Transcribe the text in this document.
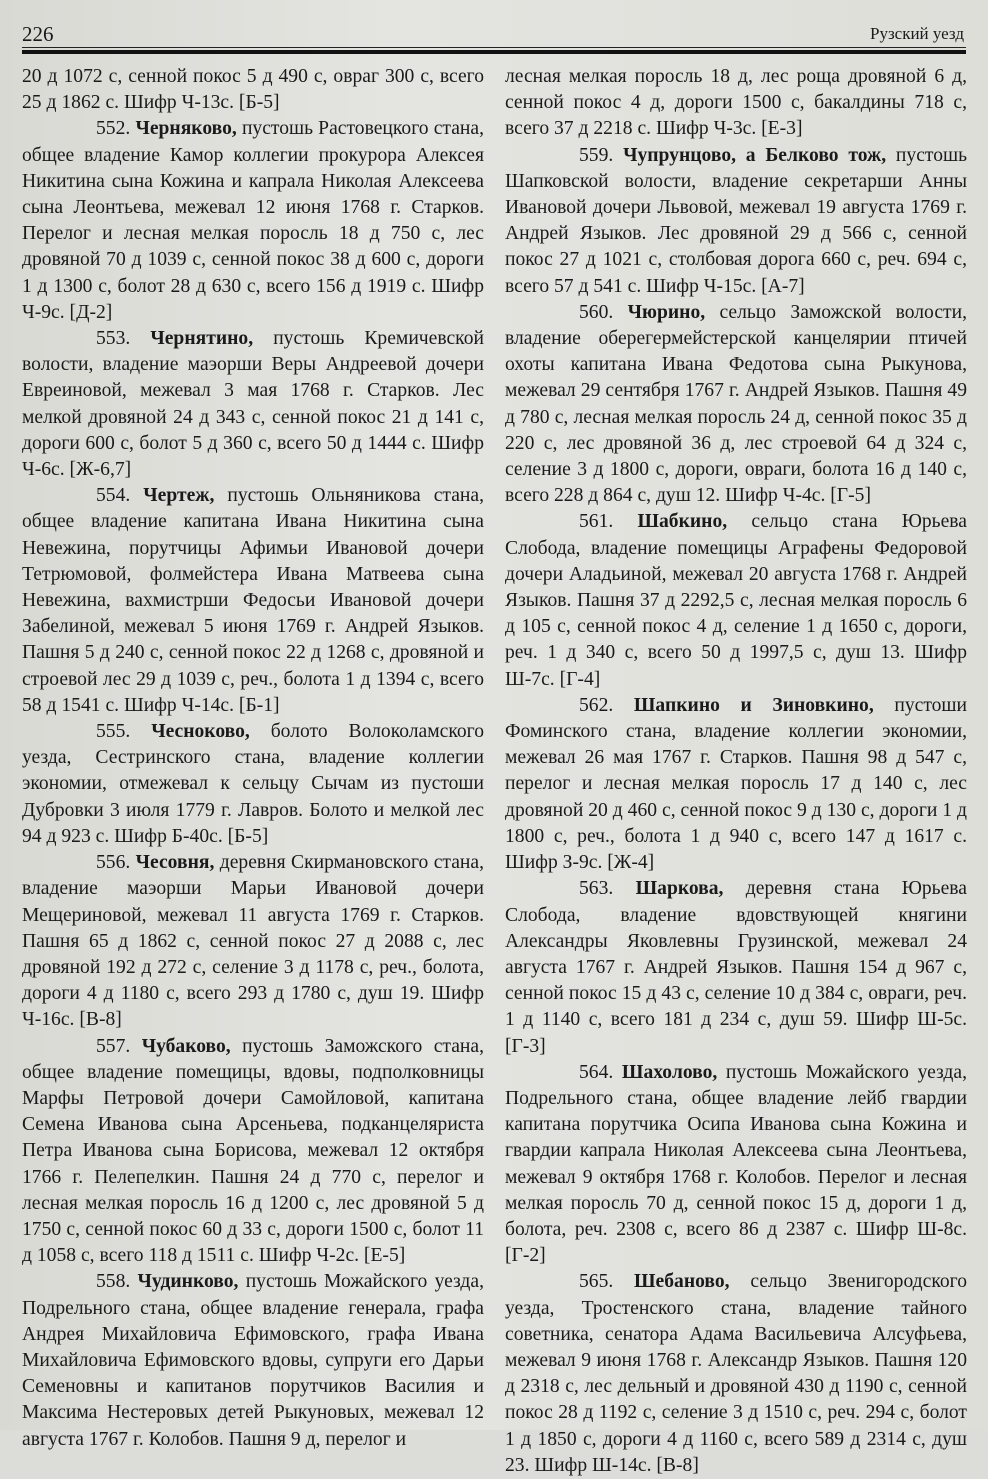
226	Рузский уезд

20 д 1072 с, сенной покос 5 д 490 с, овраг 300 с, всего 25 д 1862 с. Шифр Ч-13с. [Б-5]

552. Черняково, пустошь Растовецкого стана, общее владение Камор коллегии прокурора Алексея Никитина сына Кожина и капрала Николая Алексеева сына Леонтьева, межевал 12 июня 1768 г. Старков. Перелог и лесная мелкая поросль 18 д 750 с, лес дровяной 70 д 1039 с, сенной покос 38 д 600 с, дороги 1 д 1300 с, болот 28 д 630 с, всего 156 д 1919 с. Шифр Ч-9с. [Д-2]

553. Чернятино, пустошь Кремичевской волости, владение маэорши Веры Андреевой дочери Евреиновой, межевал 3 мая 1768 г. Старков. Лес мелкой дровяной 24 д 343 с, сенной покос 21 д 141 с, дороги 600 с, болот 5 д 360 с, всего 50 д 1444 с. Шифр Ч-6с. [Ж-6,7]

554. Чертеж, пустошь Ольняникова стана, общее владение капитана Ивана Никитина сына Невежина, порутчицы Афимьи Ивановой дочери Тетрюмовой, фолмейстера Ивана Матвеева сына Невежина, вахмистрши Федосьи Ивановой дочери Забелиной, межевал 5 июня 1769 г. Андрей Языков. Пашня 5 д 240 с, сенной покос 22 д 1268 с, дровяной и строевой лес 29 д 1039 с, реч., болота 1 д 1394 с, всего 58 д 1541 с. Шифр Ч-14с. [Б-1]

555. Чесноково, болото Волоколамского уезда, Сестринского стана, владение коллегии экономии, отмежевал к сельцу Сычам из пустоши Дубровки 3 июля 1779 г. Лавров. Болото и мелкой лес 94 д 923 с. Шифр Б-40с. [Б-5]

556. Чесовня, деревня Скирмановского стана, владение маэорши Марьи Ивановой дочери Мещериновой, межевал 11 августа 1769 г. Старков. Пашня 65 д 1862 с, сенной покос 27 д 2088 с, лес дровяной 192 д 272 с, селение 3 д 1178 с, реч., болота, дороги 4 д 1180 с, всего 293 д 1780 с, душ 19. Шифр Ч-16с. [В-8]

557. Чубаково, пустошь Заможского стана, общее владение помещицы, вдовы, подполковницы Марфы Петровой дочери Самойловой, капитана Семена Иванова сына Арсеньева, подканцеляриста Петра Иванова сына Борисова, межевал 12 октября 1766 г. Пелепелкин. Пашня 24 д 770 с, перелог и лесная мелкая поросль 16 д 1200 с, лес дровяной 5 д 1750 с, сенной покос 60 д 33 с, дороги 1500 с, болот 11 д 1058 с, всего 118 д 1511 с. Шифр Ч-2с. [Е-5]

558. Чудинково, пустошь Можайского уезда, Подрельного стана, общее владение генерала, графа Андрея Михайловича Ефимовского, графа Ивана Михайловича Ефимовского вдовы, супруги его Дарьи Семеновны и капитанов порутчиков Василия и Максима Нестеровых детей Рыкуновых, межевал 12 августа 1767 г. Колобов. Пашня 9 д, перелог и

лесная мелкая поросль 18 д, лес роща дровяной 6 д, сенной покос 4 д, дороги 1500 с, бакалдины 718 с, всего 37 д 2218 с. Шифр Ч-3с. [Е-3]

559. Чупрунцово, а Белково тож, пустошь Шапковской волости, владение секретарши Анны Ивановой дочери Львовой, межевал 19 августа 1769 г. Андрей Языков. Лес дровяной 29 д 566 с, сенной покос 27 д 1021 с, столбовая дорога 660 с, реч. 694 с, всего 57 д 541 с. Шифр Ч-15с. [А-7]

560. Чюрино, сельцо Заможской волости, владение оберегермейстерской канцелярии птичей охоты капитана Ивана Федотова сына Рыкунова, межевал 29 сентября 1767 г. Андрей Языков. Пашня 49 д 780 с, лесная мелкая поросль 24 д, сенной покос 35 д 220 с, лес дровяной 36 д, лес строевой 64 д 324 с, селение 3 д 1800 с, дороги, овраги, болота 16 д 140 с, всего 228 д 864 с, душ 12. Шифр Ч-4с. [Г-5]

561. Шабкино, сельцо стана Юрьева Слобода, владение помещицы Аграфены Федоровой дочери Аладьиной, межевал 20 августа 1768 г. Андрей Языков. Пашня 37 д 2292,5 с, лесная мелкая поросль 6 д 105 с, сенной покос 4 д, селение 1 д 1650 с, дороги, реч. 1 д 340 с, всего 50 д 1997,5 с, душ 13. Шифр Ш-7с. [Г-4]

562. Шапкино и Зиновкино, пустоши Фоминского стана, владение коллегии экономии, межевал 26 мая 1767 г. Старков. Пашня 98 д 547 с, перелог и лесная мелкая поросль 17 д 140 с, лес дровяной 20 д 460 с, сенной покос 9 д 130 с, дороги 1 д 1800 с, реч., болота 1 д 940 с, всего 147 д 1617 с. Шифр З-9с. [Ж-4]

563. Шаркова, деревня стана Юрьева Слобода, владение вдовствующей княгини Александры Яковлевны Грузинской, межевал 24 августа 1767 г. Андрей Языков. Пашня 154 д 967 с, сенной покос 15 д 43 с, селение 10 д 384 с, овраги, реч. 1 д 1140 с, всего 181 д 234 с, душ 59. Шифр Ш-5с. [Г-3]

564. Шахолово, пустошь Можайского уезда, Подрельного стана, общее владение лейб гвардии капитана порутчика Осипа Иванова сына Кожина и гвардии капрала Николая Алексеева сына Леонтьева, межевал 9 октября 1768 г. Колобов. Перелог и лесная мелкая поросль 70 д, сенной покос 15 д, дороги 1 д, болота, реч. 2308 с, всего 86 д 2387 с. Шифр Ш-8с. [Г-2]

565. Шебаново, сельцо Звенигородского уезда, Тростенского стана, владение тайного советника, сенатора Адама Васильевича Алсуфьева, межевал 9 июня 1768 г. Александр Языков. Пашня 120 д 2318 с, лес дельный и дровяной 430 д 1190 с, сенной покос 28 д 1192 с, селение 3 д 1510 с, реч. 294 с, болот 1 д 1850 с, дороги 4 д 1160 с, всего 589 д 2314 с, душ 23. Шифр Ш-14с. [В-8]
